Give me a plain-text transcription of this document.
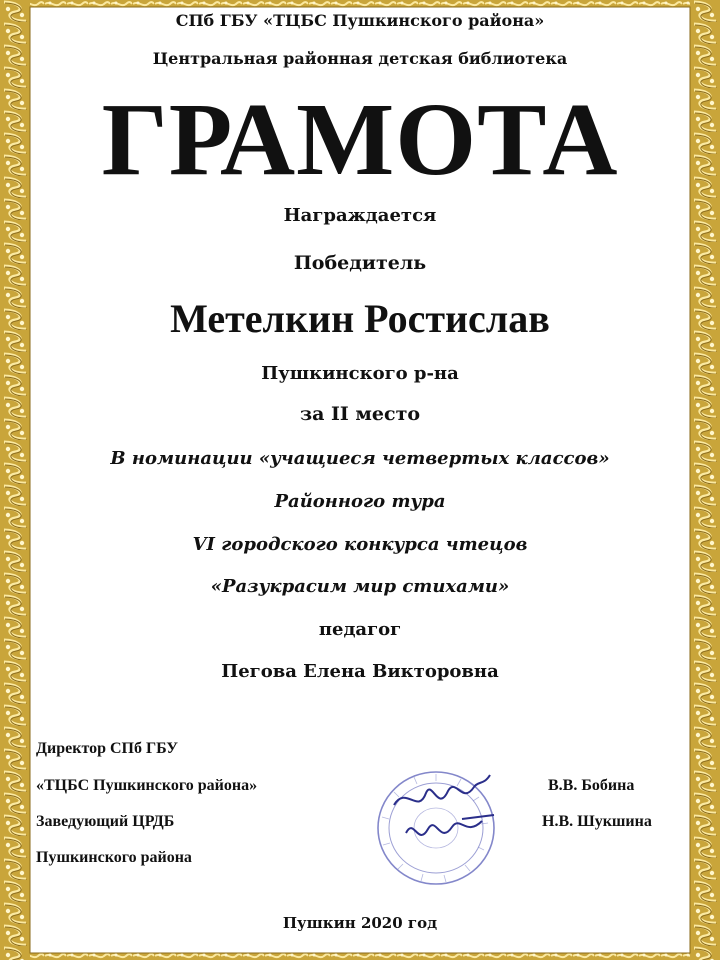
СПб ГБУ «ТЦБС Пушкинского района»
Центральная районная детская библиотека
ГРАМОТА
Награждается
Победитель
Метелкин Ростислав
Пушкинского р-на
за II место
В номинации «учащиеся четвертых классов»
Районного тура
VI городского конкурса чтецов
«Разукрасим мир стихами»
педагог
Пегова Елена Викторовна
Директор СПб ГБУ
«ТЦБС Пушкинского района»	В.В. Бобина
Заведующий ЦРДБ	Н.В. Шукшина
Пушкинского района
Пушкин 2020 год
